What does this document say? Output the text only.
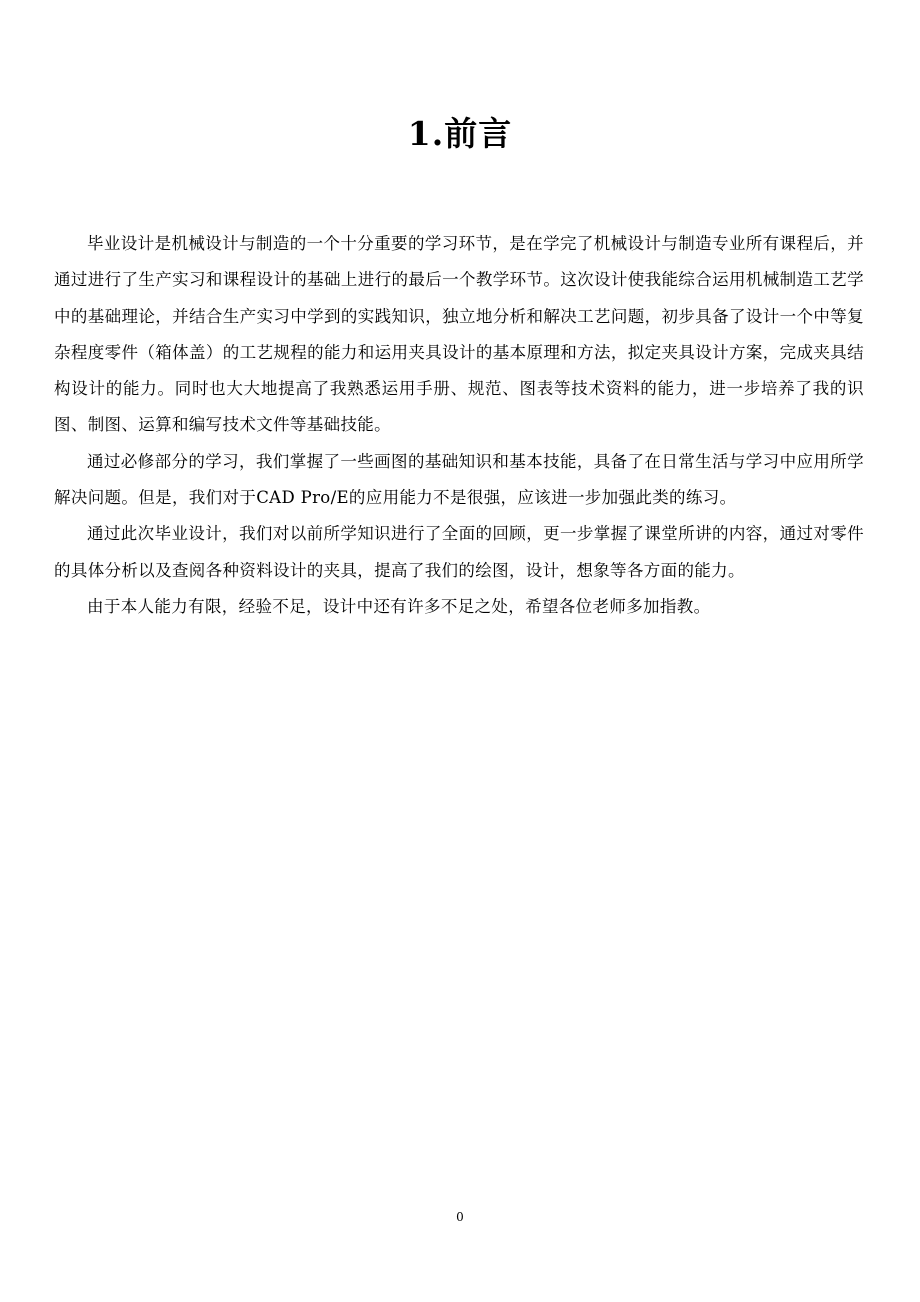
1.前言

毕业设计是机械设计与制造的一个十分重要的学习环节，是在学完了机械设计与制造专业所有课程后，并通过进行了生产实习和课程设计的基础上进行的最后一个教学环节。这次设计使我能综合运用机械制造工艺学中的基础理论，并结合生产实习中学到的实践知识，独立地分析和解决工艺问题，初步具备了设计一个中等复杂程度零件（箱体盖）的工艺规程的能力和运用夹具设计的基本原理和方法，拟定夹具设计方案，完成夹具结构设计的能力。同时也大大地提高了我熟悉运用手册、规范、图表等技术资料的能力，进一步培养了我的识图、制图、运算和编写技术文件等基础技能。

通过必修部分的学习，我们掌握了一些画图的基础知识和基本技能，具备了在日常生活与学习中应用所学解决问题。但是，我们对于CAD Pro/E的应用能力不是很强，应该进一步加强此类的练习。

通过此次毕业设计，我们对以前所学知识进行了全面的回顾，更一步掌握了课堂所讲的内容，通过对零件的具体分析以及查阅各种资料设计的夹具，提高了我们的绘图，设计，想象等各方面的能力。

由于本人能力有限，经验不足，设计中还有许多不足之处，希望各位老师多加指教。

0
